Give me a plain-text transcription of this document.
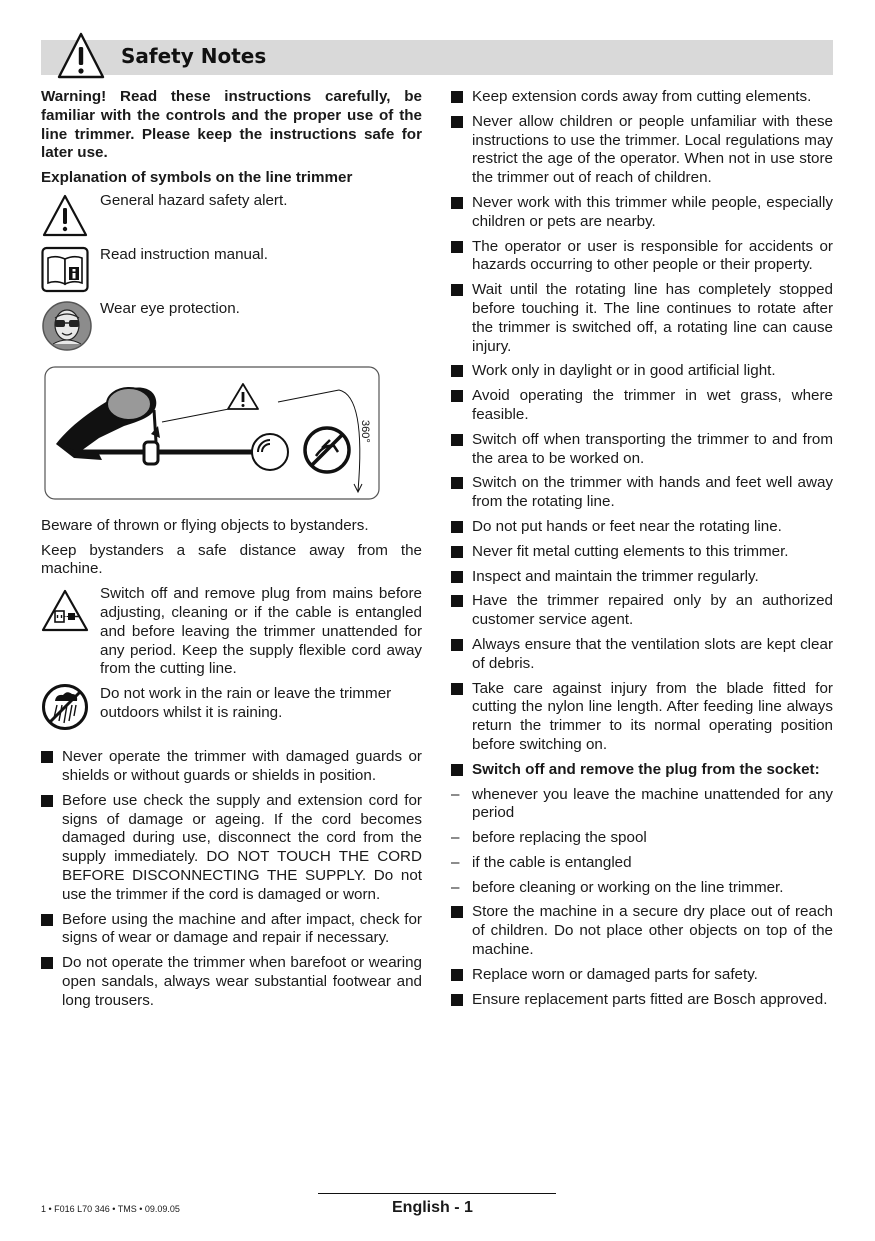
Safety Notes

Warning! Read these instructions carefully, be familiar with the controls and the proper use of the line trimmer. Please keep the instructions safe for later use.

Explanation of symbols on the line trimmer

General hazard safety alert.
Read instruction manual.
Wear eye protection.
360°

Beware of thrown or flying objects to bystanders.

Keep bystanders a safe distance away from the machine.

Switch off and remove plug from mains before adjusting, cleaning or if the cable is entangled and before leaving the trimmer unattended for any period. Keep the supply flexible cord away from the cutting line.
Do not work in the rain or leave the trimmer outdoors whilst it is raining.
Never operate the trimmer with damaged guards or shields or without guards or shields in position.
Before use check the supply and extension cord for signs of damage or ageing. If the cord becomes damaged during use, disconnect the cord from the supply immediately. DO NOT TOUCH THE CORD BEFORE DISCONNECTING THE SUPPLY. Do not use the trimmer if the cord is damaged or worn.
Before using the machine and after impact, check for signs of wear or damage and repair if necessary.
Do not operate the trimmer when barefoot or wearing open sandals, always wear substantial footwear and long trousers.
Keep extension cords away from cutting elements.
Never allow children or people unfamiliar with these instructions to use the trimmer. Local regulations may restrict the age of the operator. When not in use store the trimmer out of reach of children.
Never work with this trimmer while people, especially children or pets are nearby.
The operator or user is responsible for accidents or hazards occurring to other people or their property.
Wait until the rotating line has completely stopped before touching it. The line continues to rotate after the trimmer is switched off, a rotating line can cause injury.
Work only in daylight or in good artificial light.
Avoid operating the trimmer in wet grass, where feasible.
Switch off when transporting the trimmer to and from the area to be worked on.
Switch on the trimmer with hands and feet well away from the rotating line.
Do not put hands or feet near the rotating line.
Never fit metal cutting elements to this trimmer.
Inspect and maintain the trimmer regularly.
Have the trimmer repaired only by an authorized customer service agent.
Always ensure that the ventilation slots are kept clear of debris.
Take care against injury from the blade fitted for cutting the nylon line length. After feeding line always return the trimmer to its normal operating position before switching on.
Switch off and remove the plug from the socket:
– whenever you leave the machine unattended for any period
– before replacing the spool
– if the cable is entangled
– before cleaning or working on the line trimmer.
Store the machine in a secure dry place out of reach of children. Do not place other objects on top of the machine.
Replace worn or damaged parts for safety.
Ensure replacement parts fitted are Bosch approved.
1 • F016 L70 346 • TMS • 09.09.05	English - 1
